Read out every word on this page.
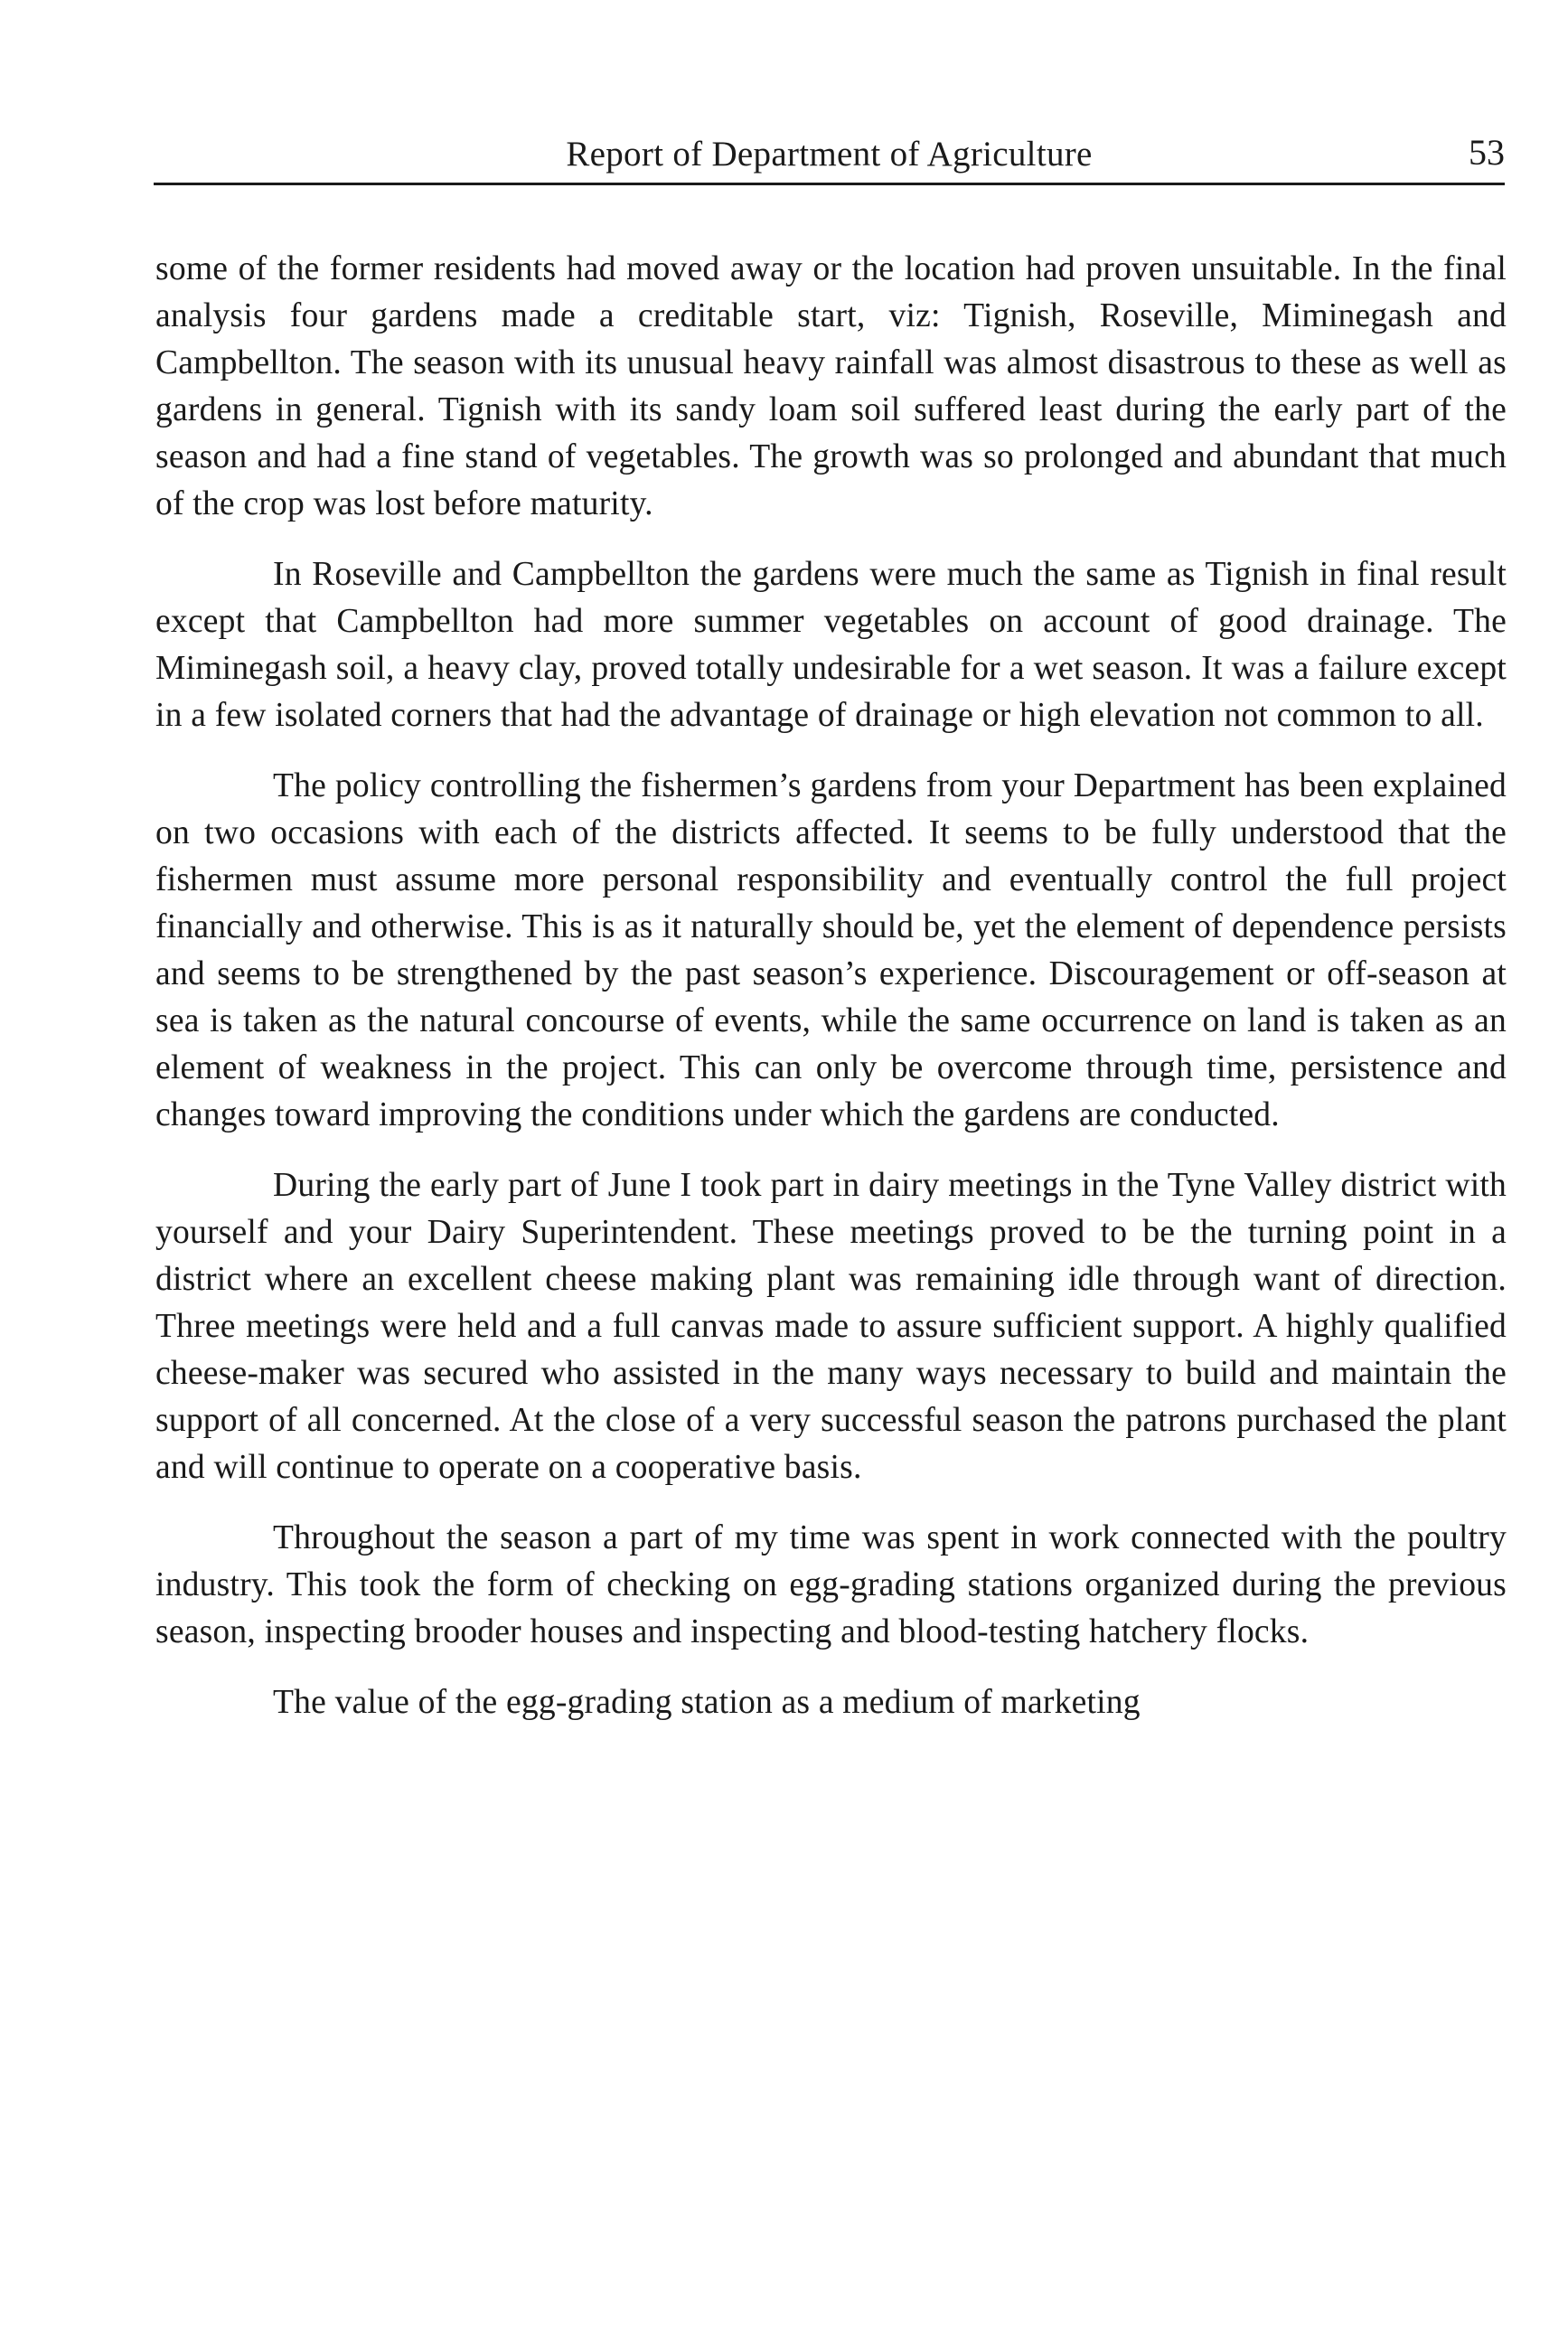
Report of Department of Agriculture	53

some of the former residents had moved away or the location had proven unsuitable. In the final analysis four gardens made a creditable start, viz: Tignish, Roseville, Miminegash and Campbellton. The season with its unusual heavy rainfall was almost disastrous to these as well as gardens in general. Tignish with its sandy loam soil suffered least during the early part of the season and had a fine stand of vegetables. The growth was so prolonged and abundant that much of the crop was lost before maturity.

In Roseville and Campbellton the gardens were much the same as Tignish in final result except that Campbellton had more summer vegetables on account of good drainage. The Miminegash soil, a heavy clay, proved totally undesirable for a wet season. It was a failure except in a few isolated corners that had the advantage of drainage or high elevation not common to all.

The policy controlling the fishermen’s gardens from your Department has been explained on two occasions with each of the districts affected. It seems to be fully understood that the fishermen must assume more personal responsibility and eventually control the full project financially and otherwise. This is as it naturally should be, yet the element of dependence persists and seems to be strengthened by the past season’s experience. Discouragement or off-season at sea is taken as the natural concourse of events, while the same occurrence on land is taken as an element of weakness in the project. This can only be overcome through time, persistence and changes toward improving the conditions under which the gardens are conducted.

During the early part of June I took part in dairy meetings in the Tyne Valley district with yourself and your Dairy Superintendent. These meetings proved to be the turning point in a district where an excellent cheese making plant was remaining idle through want of direction. Three meetings were held and a full canvas made to assure sufficient support. A highly qualified cheese-maker was secured who assisted in the many ways necessary to build and maintain the support of all concerned. At the close of a very successful season the patrons purchased the plant and will continue to operate on a cooperative basis.

Throughout the season a part of my time was spent in work connected with the poultry industry. This took the form of checking on egg-grading stations organized during the previous season, inspecting brooder houses and inspecting and blood-testing hatchery flocks.

The value of the egg-grading station as a medium of marketing
